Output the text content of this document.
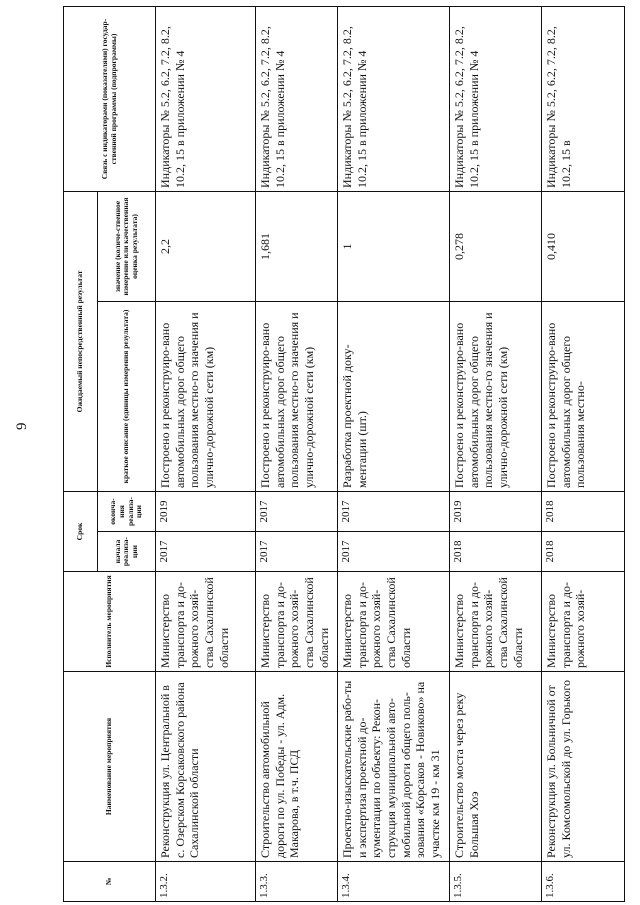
9
№	Наименование мероприятия	Исполнитель мероприятия	Срок		Ожидаемый непосредственный результат		Связь с индикаторами (показателями) государ-ственной программы (подпрограммы)
			начала реализа-ции	оконча-ния реализа-ции	краткое описание (единицы измерения результата)	значение (количе-ственное измерение или качественная оценка результата)	
1.3.2.	Реконструкция ул. Центральной в с. Озерском Корсаковского района Сахалинской области	Министерство транспорта и до-рожного хозяй-ства Сахалинской области	2017	2019	Построено и реконструиро-вано автомобильных дорог общего пользования местно-го значения и улично-дорожной сети (км)	2,2	Индикаторы № 5.2, 6.2, 7.2, 8.2, 10.2, 15 в приложении № 4
1.3.3.	Строительство автомобильной дороги по ул. Победы - ул. Адм. Макарова, в т.ч. ПСД	Министерство транспорта и до-рожного хозяй-ства Сахалинской области	2017	2017	Построено и реконструиро-вано автомобильных дорог общего пользования местно-го значения и улично-дорожной сети (км)	1,681	Индикаторы № 5.2, 6.2, 7.2, 8.2, 10.2, 15 в приложении № 4
1.3.4.	Проектно-изыскательские рабо-ты и экспертиза проектной до-кументации по объекту: Рекон-струкция муниципальной авто-мобильной дороги общего поль-зования «Корсаков - Новиково» на участке км 19 - км 31	Министерство транспорта и до-рожного хозяй-ства Сахалинской области	2017	2017	Разработка проектной доку-ментации (шт.)	1	Индикаторы № 5.2, 6.2, 7.2, 8.2, 10.2, 15 в приложении № 4
1.3.5.	Строительство моста через реку Большая Хоэ	Министерство транспорта и до-рожного хозяй-ства Сахалинской области	2018	2019	Построено и реконструиро-вано автомобильных дорог общего пользования местно-го значения и улично-дорожной сети (км)	0,278	Индикаторы № 5.2, 6.2, 7.2, 8.2, 10.2, 15 в приложении № 4
1.3.6.	Реконструкция ул. Больничной от ул. Комсомольской до ул. Горького	Министерство транспорта и до-рожного хозяй-	2018	2018	Построено и реконструиро-вано автомобильных дорог общего пользования местно-	0,410	Индикаторы № 5.2, 6.2, 7.2, 8.2, 10.2, 15 в
